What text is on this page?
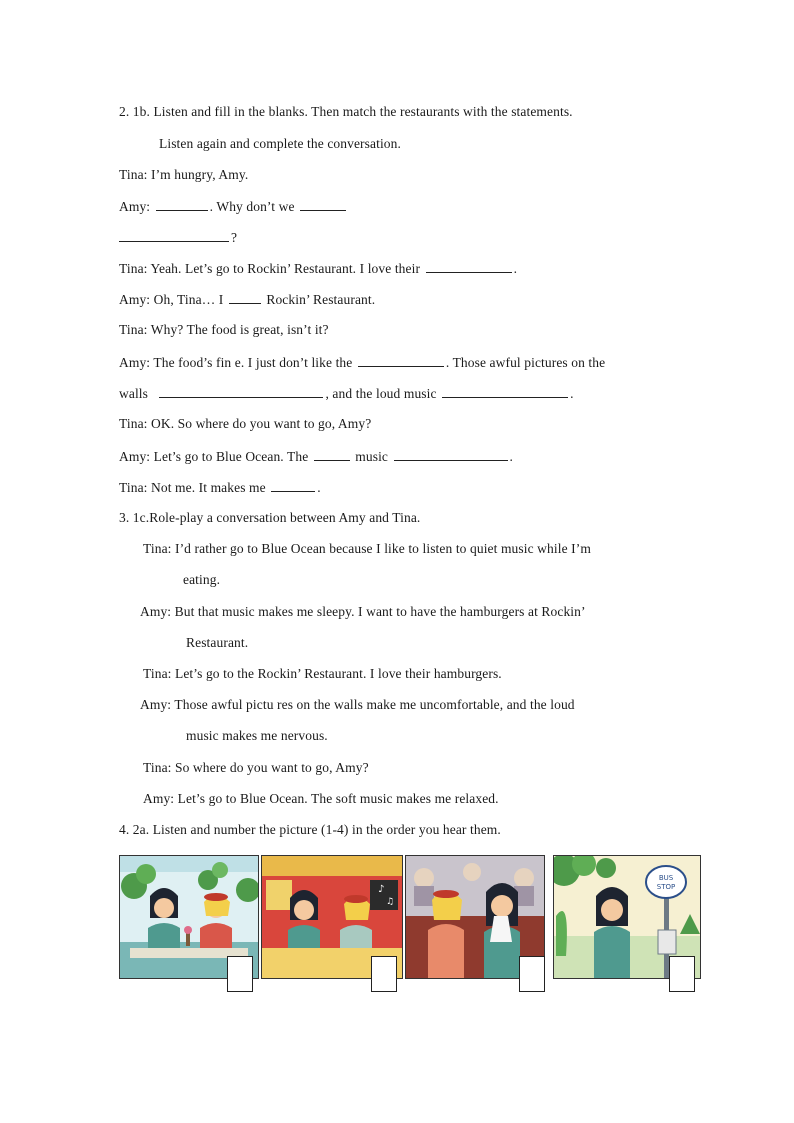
2. 1b. Listen and fill in the blanks. Then match the restaurants with the statements.
Listen again and complete the conversation.
Tina: I’m hungry, Amy.
Amy:	. Why don’t we
?
Tina: Yeah. Let’s go to Rockin’ Restaurant. I love their	.
Amy: Oh, Tina… I	Rockin’ Restaurant.
Tina: Why? The food is great, isn’t it?
Amy: The food’s fin e. I just don’t like the	. Those awful pictures on the
walls	, and the loud music	.
Tina: OK. So where do you want to go, Amy?
Amy: Let’s go to Blue Ocean. The	music	.
Tina: Not me. It makes me	.
3. 1c.Role-play a conversation between Amy and Tina.
Tina: I’d rather go to Blue Ocean because I like to listen to quiet music while I’m
eating.
Amy: But that music makes me sleepy. I want to have the hamburgers at Rockin’
Restaurant.
Tina: Let’s go to the Rockin’ Restaurant. I love their hamburgers.
Amy: Those awful pictu res on the walls make me uncomfortable, and the loud
music makes me nervous.
Tina: So where do you want to go, Amy?
Amy: Let’s go to Blue Ocean. The soft music makes me relaxed.
4. 2a. Listen and number the picture (1-4) in the order you hear them.
♪
♫
BUS
STOP
